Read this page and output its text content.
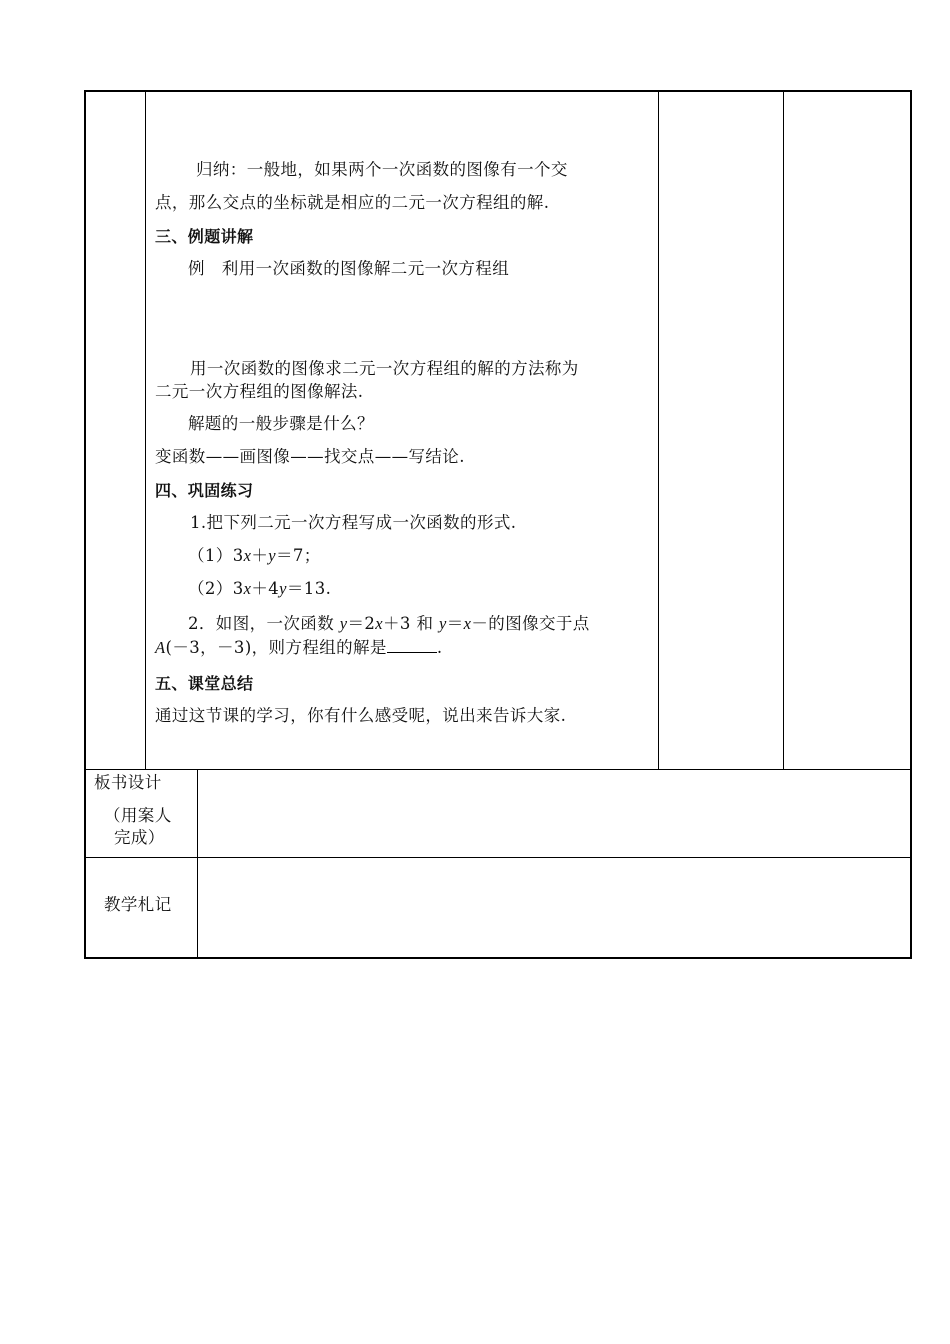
归纳：一般地，如果两个一次函数的图像有一个交
点，那么交点的坐标就是相应的二元一次方程组的解.
三、例题讲解
例　利用一次函数的图像解二元一次方程组
用一次函数的图像求二元一次方程组的解的方法称为
二元一次方程组的图像解法.
解题的一般步骤是什么？
变函数——画图像——找交点——写结论.
四、巩固练习
1.把下列二元一次方程写成一次函数的形式.
（1）3x＋y＝7；
（2）3x＋4y＝13.
2．如图，一次函数 y＝2x＋3 和 y＝x－的图像交于点
A(－3，－3)，则方程组的解是	.
五、课堂总结
通过这节课的学习，你有什么感受呢，说出来告诉大家.
板书设计
（用案人
完成）
教学札记
